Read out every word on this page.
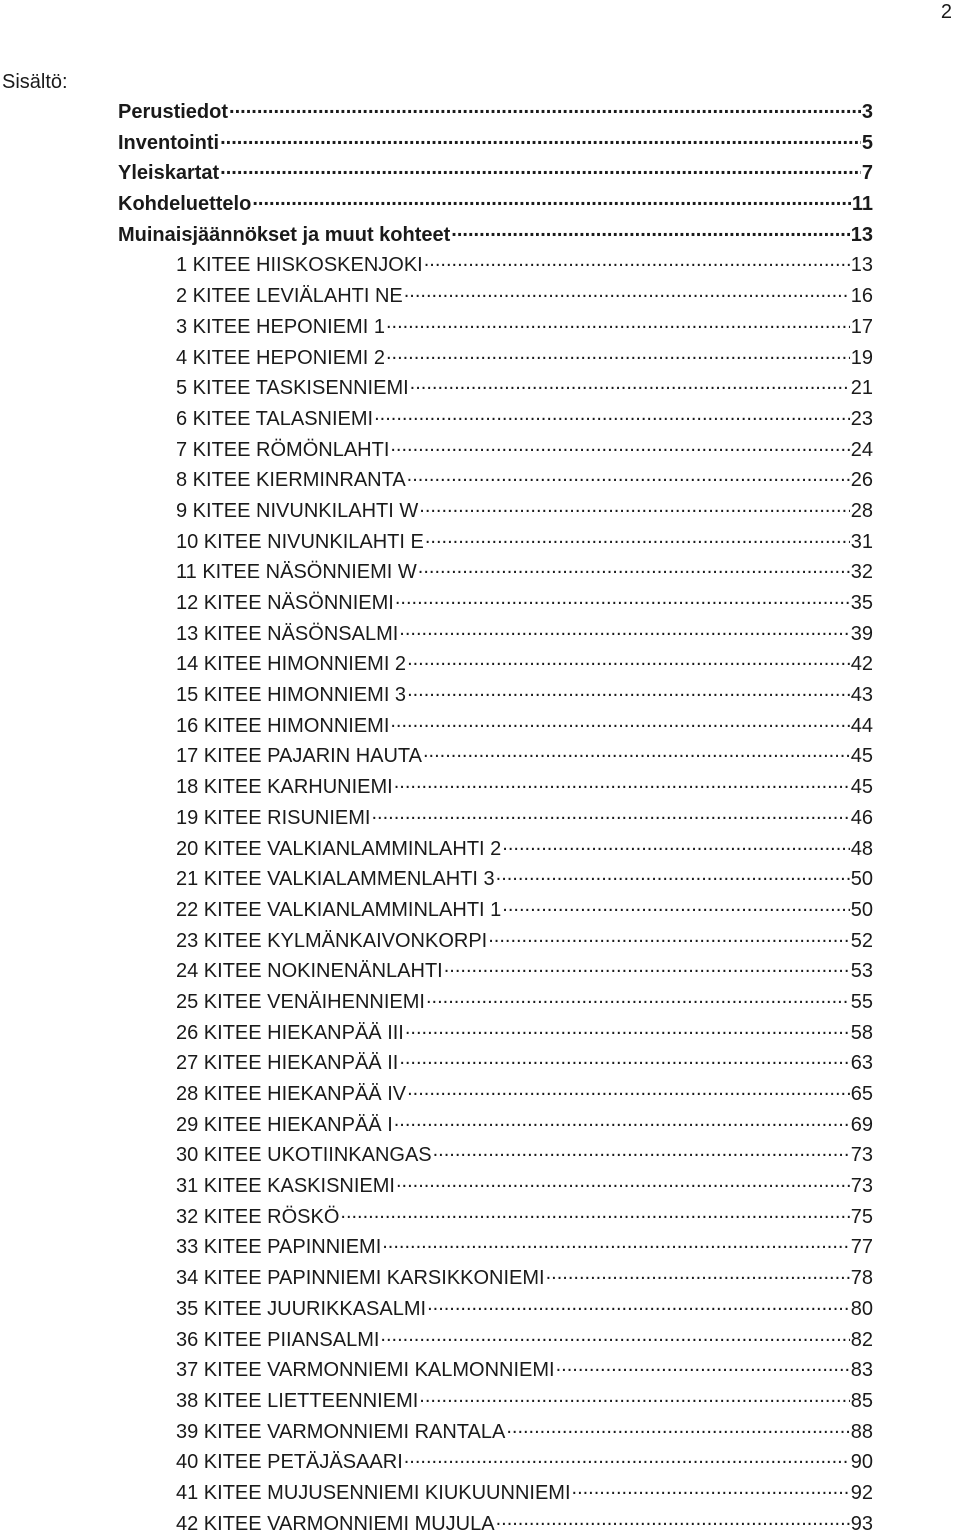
2
Sisältö:
Perustiedot .....	3
Inventointi .....	5
Yleiskartat .....	7
Kohdeluettelo .....	11
Muinaisjäännökset ja muut kohteet .....	13
1 KITEE HIISKOSKENJOKI .....	13
2 KITEE LEVIÄLAHTI NE .....	16
3 KITEE HEPONIEMI 1 .....	17
4 KITEE HEPONIEMI 2 .....	19
5 KITEE TASKISENNIEMI .....	21
6 KITEE TALASNIEMI .....	23
7 KITEE RÖMÖNLAHTI .....	24
8 KITEE KIERMINRANTA .....	26
9 KITEE NIVUNKILAHTI W .....	28
10 KITEE NIVUNKILAHTI E .....	31
11 KITEE NÄSÖNNIEMI W .....	32
12 KITEE NÄSÖNNIEMI .....	35
13 KITEE NÄSÖNSALMI .....	39
14 KITEE HIMONNIEMI 2 .....	42
15 KITEE HIMONNIEMI 3 .....	43
16 KITEE HIMONNIEMI .....	44
17 KITEE PAJARIN HAUTA .....	45
18 KITEE KARHUNIEMI .....	45
19 KITEE RISUNIEMI .....	46
20 KITEE VALKIANLAMMINLAHTI 2 .....	48
21 KITEE VALKIALAMMENLAHTI 3 .....	50
22 KITEE VALKIANLAMMINLAHTI 1 .....	50
23 KITEE KYLMÄNKAIVONKORPI .....	52
24 KITEE NOKINENÄNLAHTI .....	53
25 KITEE VENÄIHENNIEMI .....	55
26 KITEE HIEKANPÄÄ III .....	58
27 KITEE HIEKANPÄÄ II .....	63
28 KITEE HIEKANPÄÄ IV .....	65
29 KITEE HIEKANPÄÄ I .....	69
30 KITEE UKOTIINKANGAS .....	73
31 KITEE KASKISNIEMI .....	73
32 KITEE RÖSKÖ .....	75
33 KITEE PAPINNIEMI .....	77
34 KITEE PAPINNIEMI KARSIKKONIEMI .....	78
35 KITEE JUURIKKASALMI .....	80
36 KITEE PIIANSALMI .....	82
37 KITEE VARMONNIEMI KALMONNIEMI .....	83
38 KITEE LIETTEENNIEMI .....	85
39 KITEE VARMONNIEMI RANTALA .....	88
40 KITEE PETÄJÄSAARI .....	90
41 KITEE MUJUSENNIEMI KIUKUUNNIEMI .....	92
42 KITEE VARMONNIEMI MUJULA .....	93
